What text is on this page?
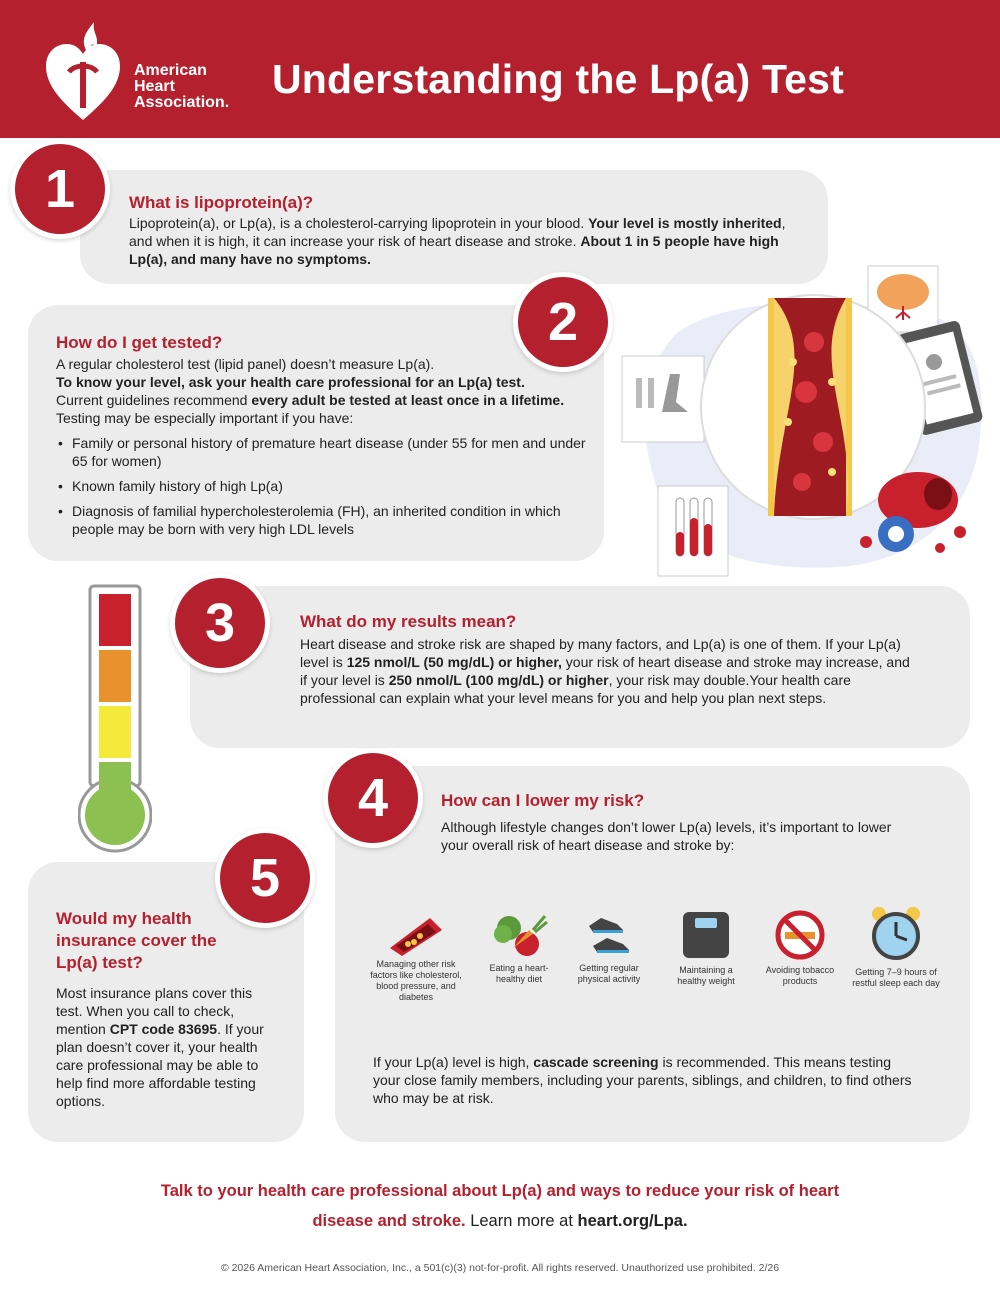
American
Heart
Association.
Understanding the Lp(a) Test
1	What is lipoprotein(a)?
Lipoprotein(a), or Lp(a), is a cholesterol-carrying lipoprotein in your blood. Your level is mostly inherited, and when it is high, it can increase your risk of heart disease and stroke. About 1 in 5 people have high Lp(a), and many have no symptoms.
2
How do I get tested?
A regular cholesterol test (lipid panel) doesn’t measure Lp(a).
To know your level, ask your health care professional for an Lp(a) test.
Current guidelines recommend every adult be tested at least once in a lifetime. Testing may be especially important if you have:
• Family or personal history of premature heart disease (under 55 for men and under 65 for women)
• Known family history of high Lp(a)
• Diagnosis of familial hypercholesterolemia (FH), an inherited condition in which people may be born with very high LDL levels
3	What do my results mean?
Heart disease and stroke risk are shaped by many factors, and Lp(a) is one of them. If your Lp(a) level is 125 nmol/L (50 mg/dL) or higher, your risk of heart disease and stroke may increase, and if your level is 250 nmol/L (100 mg/dL) or higher, your risk may double.Your health care professional can explain what your level means for you and help you plan next steps.
4	How can I lower my risk?
Although lifestyle changes don’t lower Lp(a) levels, it’s important to lower your overall risk of heart disease and stroke by:
Managing other risk factors like cholesterol, blood pressure, and diabetes
Eating a heart-healthy diet
Getting regular physical activity
Maintaining a healthy weight
Avoiding tobacco products
Getting 7–9 hours of restful sleep each day
If your Lp(a) level is high, cascade screening is recommended. This means testing your close family members, including your parents, siblings, and children, to find others who may be at risk.
5
Would my health insurance cover the Lp(a) test?
Most insurance plans cover this test. When you call to check, mention CPT code 83695. If your plan doesn’t cover it, your health care professional may be able to help find more affordable testing options.
Talk to your health care professional about Lp(a) and ways to reduce your risk of heart
disease and stroke. Learn more at heart.org/Lpa.
© 2026 American Heart Association, Inc., a 501(c)(3) not-for-profit. All rights reserved. Unauthorized use prohibited. 2/26
